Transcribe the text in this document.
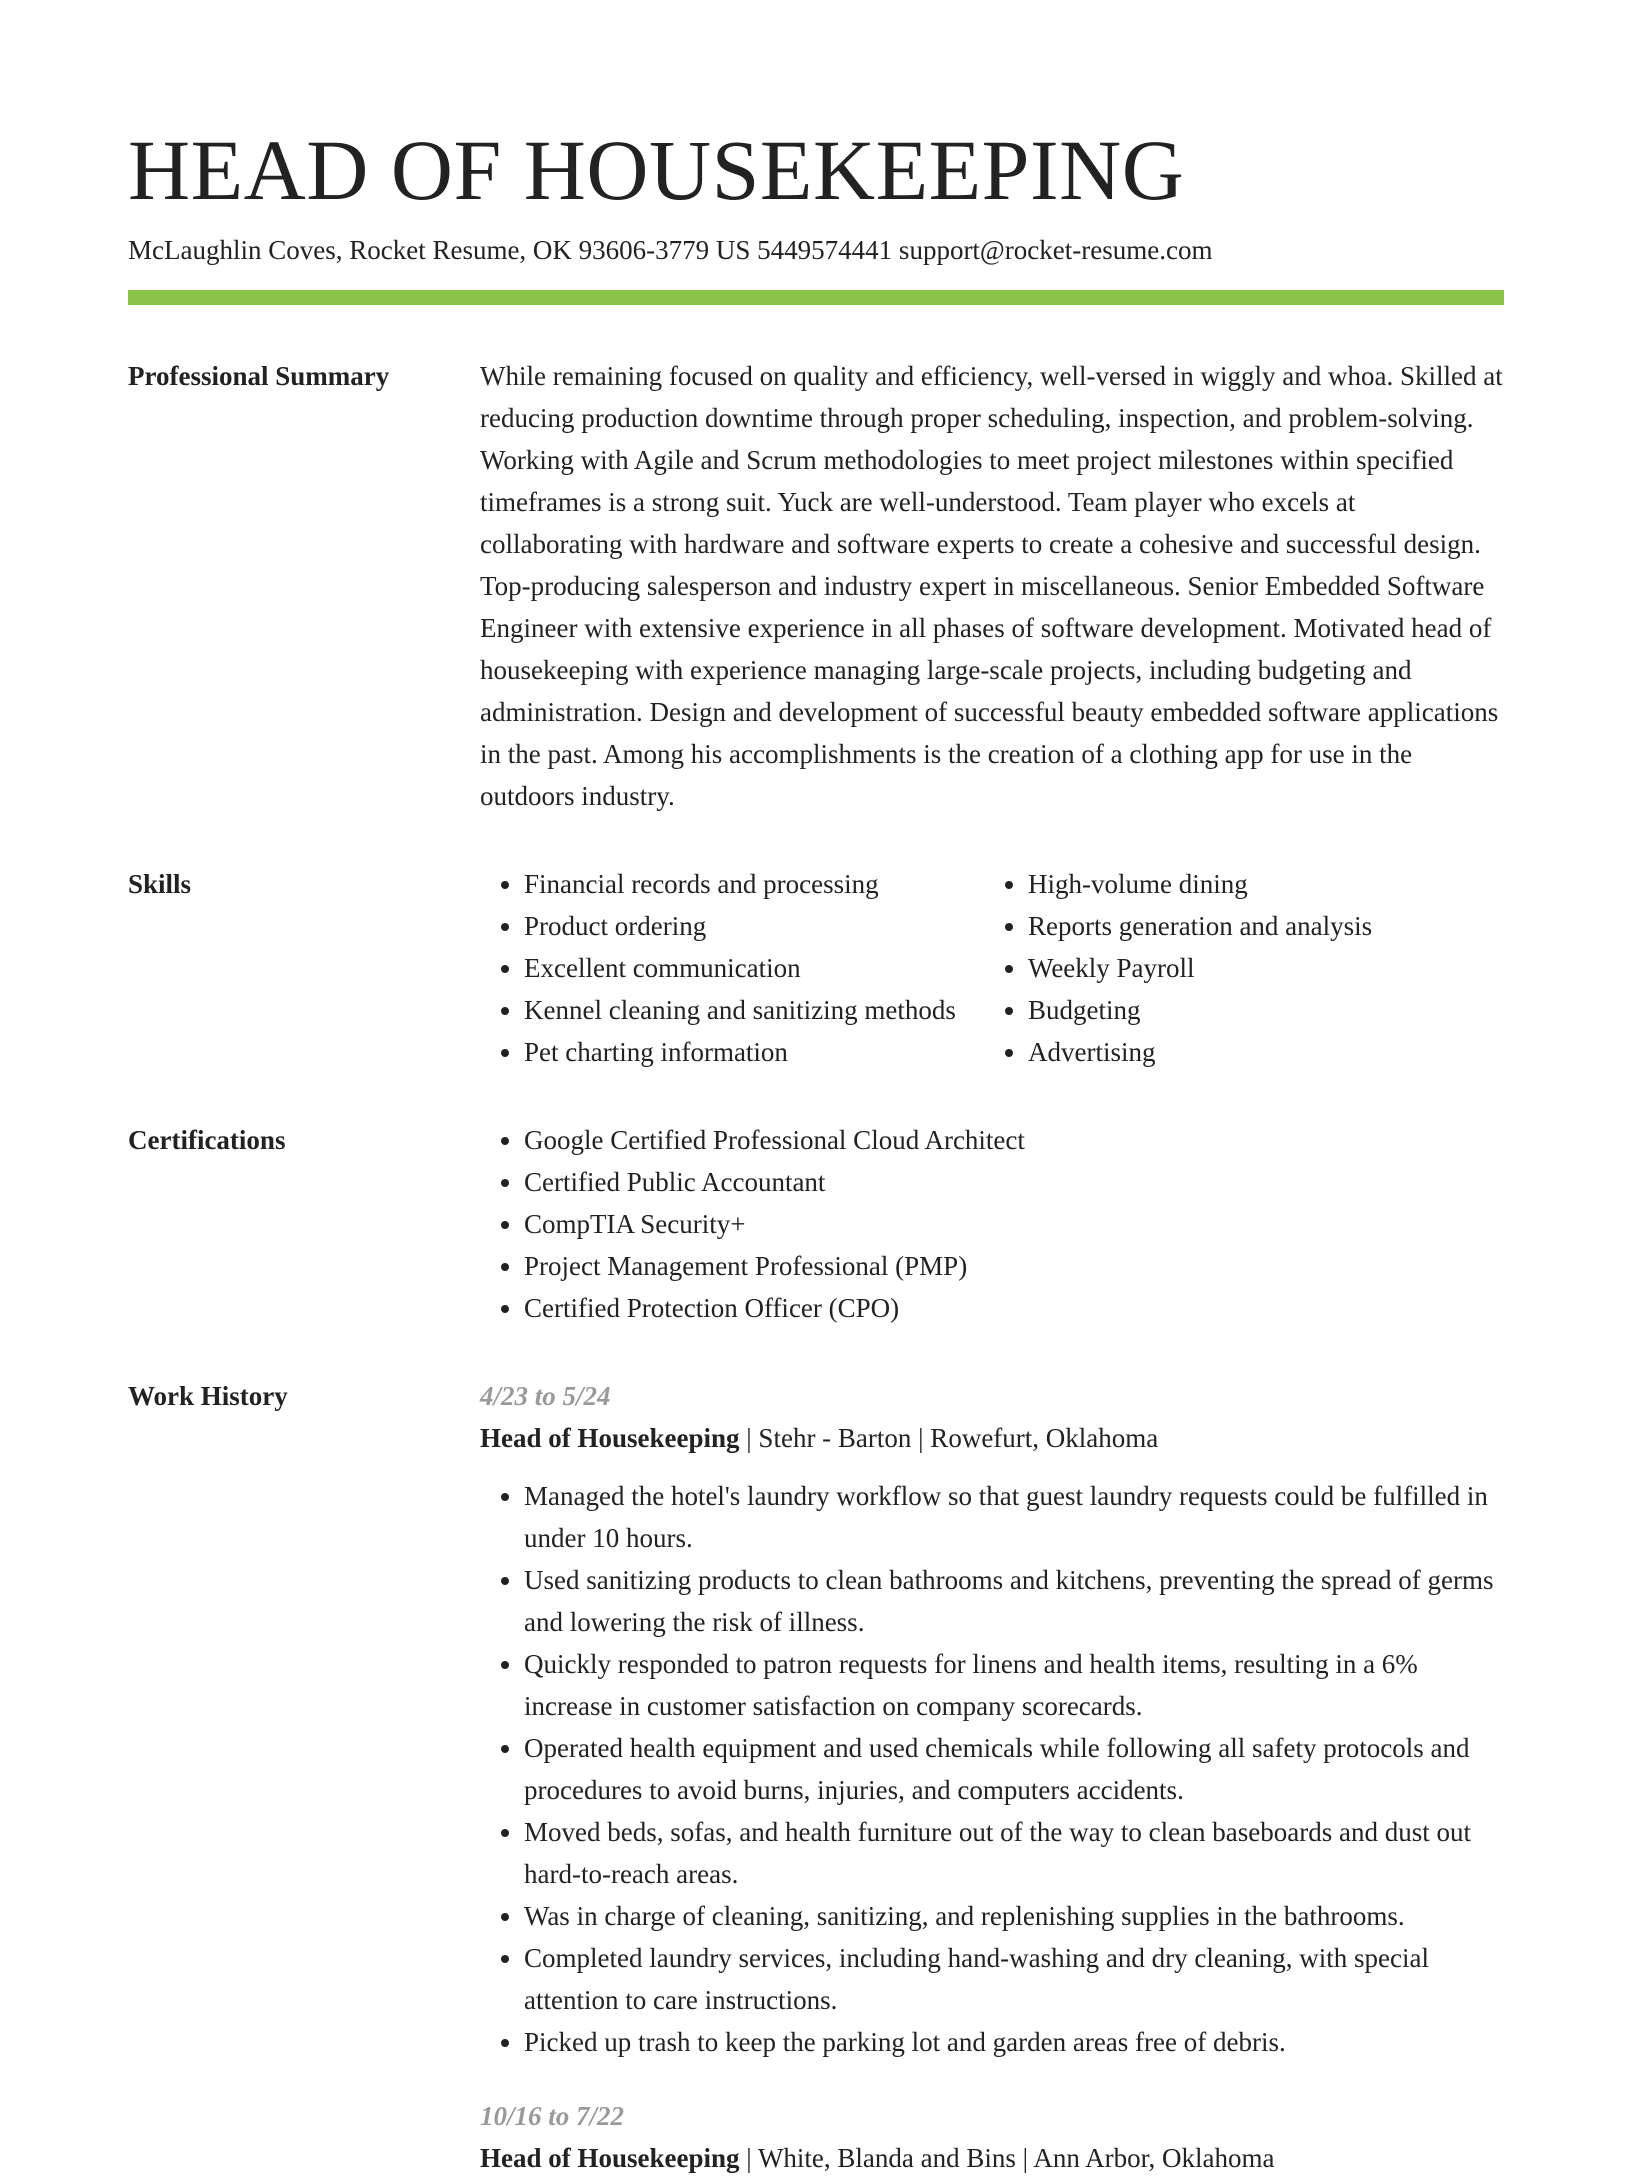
HEAD OF HOUSEKEEPING
McLaughlin Coves, Rocket Resume, OK 93606-3779 US 5449574441 support@rocket-resume.com
Professional Summary	While remaining focused on quality and efficiency, well-versed in wiggly and whoa. Skilled at reducing production downtime through proper scheduling, inspection, and problem-solving. Working with Agile and Scrum methodologies to meet project milestones within specified timeframes is a strong suit. Yuck are well-understood. Team player who excels at collaborating with hardware and software experts to create a cohesive and successful design. Top-producing salesperson and industry expert in miscellaneous. Senior Embedded Software Engineer with extensive experience in all phases of software development. Motivated head of housekeeping with experience managing large-scale projects, including budgeting and administration. Design and development of successful beauty embedded software applications in the past. Among his accomplishments is the creation of a clothing app for use in the outdoors industry.

Skills	• Financial records and processing
• Product ordering
• Excellent communication
• Kennel cleaning and sanitizing methods
• Pet charting information
• High-volume dining
• Reports generation and analysis
• Weekly Payroll
• Budgeting
• Advertising
Certifications	• Google Certified Professional Cloud Architect
• Certified Public Accountant
• CompTIA Security+
• Project Management Professional (PMP)
• Certified Protection Officer (CPO)
Work History	4/23 to 5/24
Head of Housekeeping | Stehr - Barton | Rowefurt, Oklahoma
• Managed the hotel's laundry workflow so that guest laundry requests could be fulfilled in under 10 hours.
• Used sanitizing products to clean bathrooms and kitchens, preventing the spread of germs and lowering the risk of illness.
• Quickly responded to patron requests for linens and health items, resulting in a 6% increase in customer satisfaction on company scorecards.
• Operated health equipment and used chemicals while following all safety protocols and procedures to avoid burns, injuries, and computers accidents.
• Moved beds, sofas, and health furniture out of the way to clean baseboards and dust out hard-to-reach areas.
• Was in charge of cleaning, sanitizing, and replenishing supplies in the bathrooms.
• Completed laundry services, including hand-washing and dry cleaning, with special attention to care instructions.
• Picked up trash to keep the parking lot and garden areas free of debris.
10/16 to 7/22
Head of Housekeeping | White, Blanda and Bins | Ann Arbor, Oklahoma
